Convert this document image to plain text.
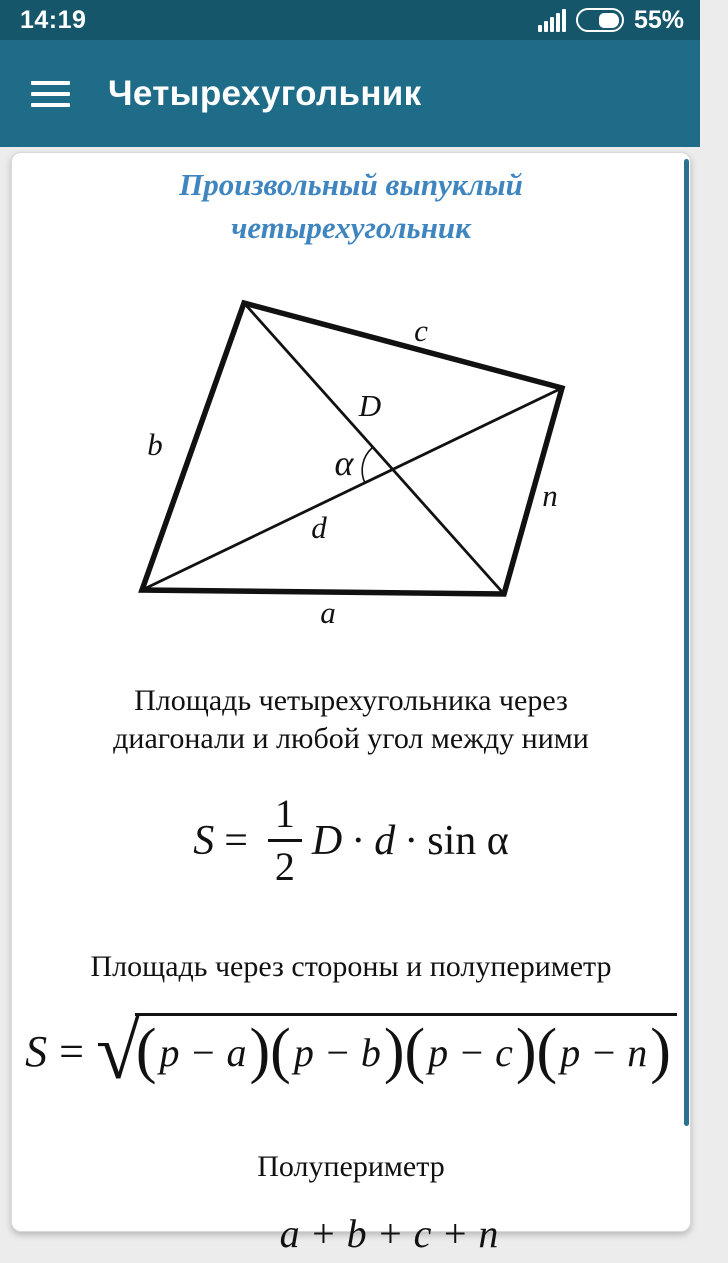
14:19	55%
Четырехугольник
Произвольный выпуклый
четырехугольник
c
b
n
a
D
d
α
Площадь четырехугольника через
диагонали и любой угол между ними
$S = \frac{1}{2}$ D · d · sin α
Площадь через стороны и полупериметр
S = √
( p − a ) ( p − b ) ( p − c ) ( p − n )
Полупериметр
a + b + c + n
